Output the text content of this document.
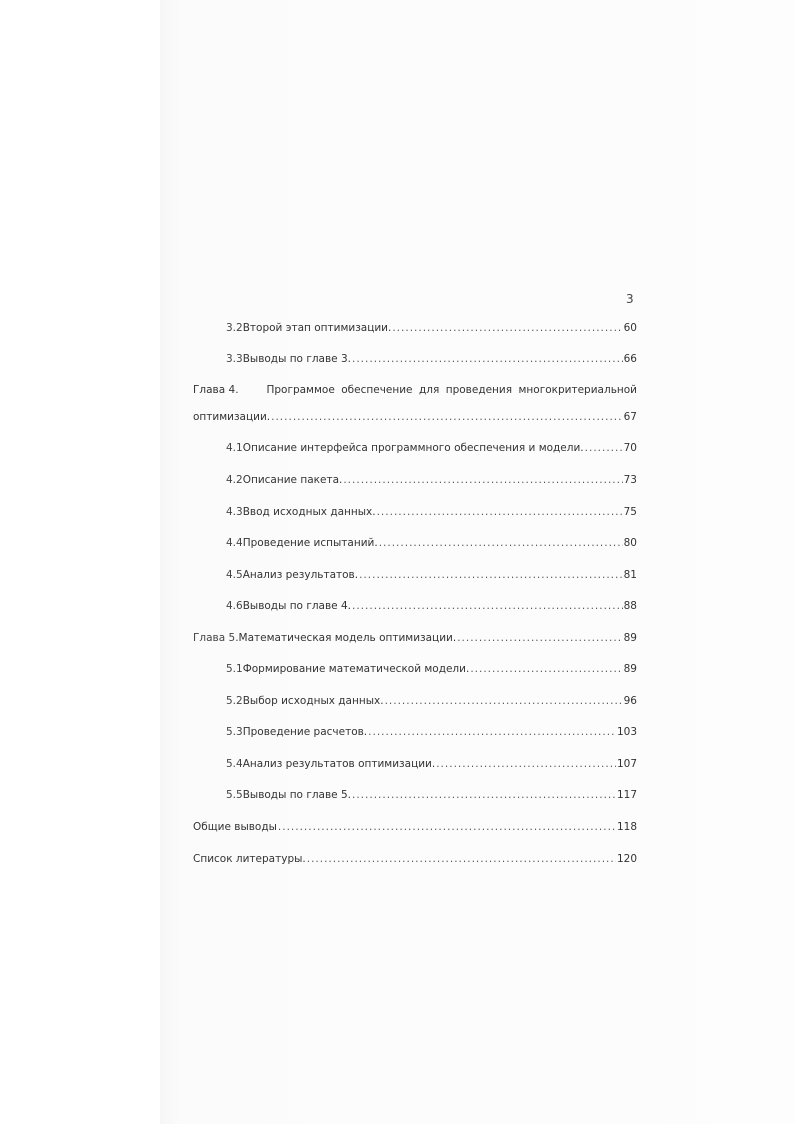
3
3.2 Второй этап оптимизации. .....	60
3.3 Выводы по главе 3. .....	66
Глава 4.	Программое обеспечение для проведения многокритериальной
оптимизации. .....	67
4.1 Описание интерфейса программного обеспечения и модели. .....	70
4.2 Описание пакета. .....	73
4.3 Ввод исходных данных. .....	75
4.4 Проведение испытаний. .....	80
4.5 Анализ результатов. .....	81
4.6 Выводы по главе 4. .....	88
Глава 5. Математическая модель оптимизации. .....	89
5.1 Формирование математической модели. .....	89
5.2 Выбор исходных данных. .....	96
5.3 Проведение расчетов. .....	103
5.4 Анализ результатов оптимизации. .....	107
5.5 Выводы по главе 5. .....	117
Общие выводы .....	118
Список литературы. .....	120
